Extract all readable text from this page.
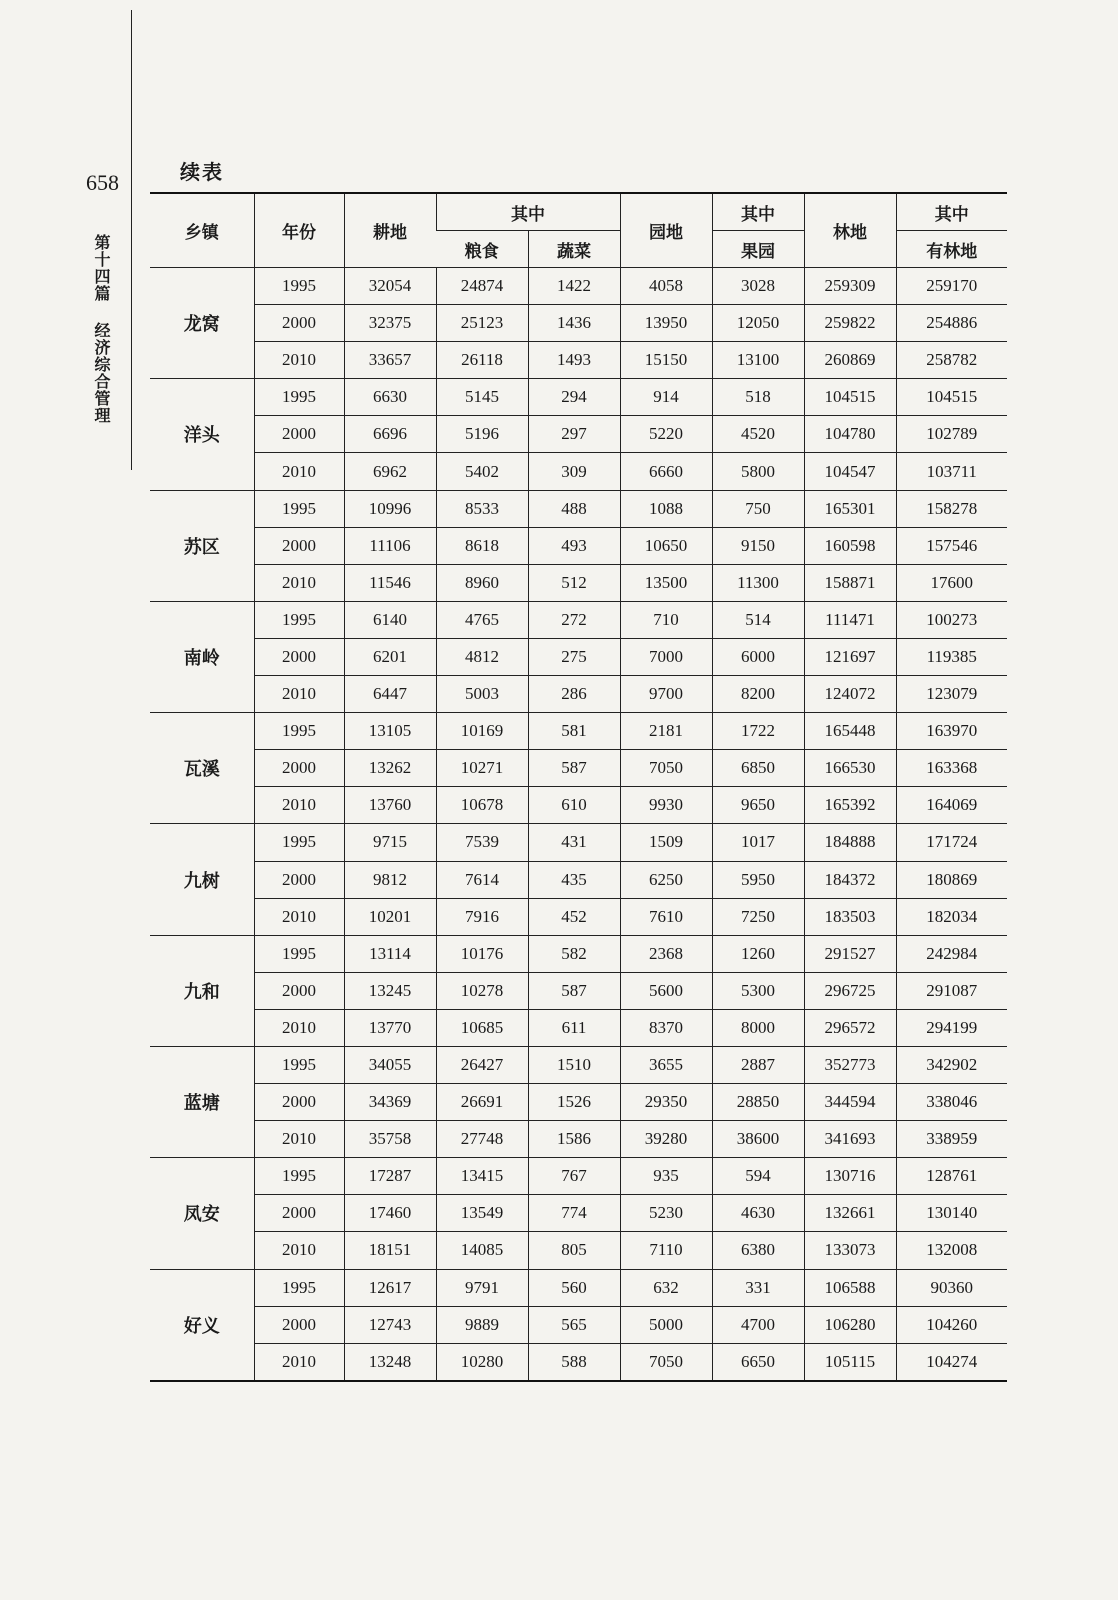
658
第十四篇 经济综合管理
续表
乡镇	年份	耕地	其中		园地	其中	林地	其中
			粮食	蔬菜		果园		有林地
龙窝	1995	32054	24874	1422	4058	3028	259309	259170
	2000	32375	25123	1436	13950	12050	259822	254886
	2010	33657	26118	1493	15150	13100	260869	258782
洋头	1995	6630	5145	294	914	518	104515	104515
	2000	6696	5196	297	5220	4520	104780	102789
	2010	6962	5402	309	6660	5800	104547	103711
苏区	1995	10996	8533	488	1088	750	165301	158278
	2000	11106	8618	493	10650	9150	160598	157546
	2010	11546	8960	512	13500	11300	158871	17600
南岭	1995	6140	4765	272	710	514	111471	100273
	2000	6201	4812	275	7000	6000	121697	119385
	2010	6447	5003	286	9700	8200	124072	123079
瓦溪	1995	13105	10169	581	2181	1722	165448	163970
	2000	13262	10271	587	7050	6850	166530	163368
	2010	13760	10678	610	9930	9650	165392	164069
九树	1995	9715	7539	431	1509	1017	184888	171724
	2000	9812	7614	435	6250	5950	184372	180869
	2010	10201	7916	452	7610	7250	183503	182034
九和	1995	13114	10176	582	2368	1260	291527	242984
	2000	13245	10278	587	5600	5300	296725	291087
	2010	13770	10685	611	8370	8000	296572	294199
蓝塘	1995	34055	26427	1510	3655	2887	352773	342902
	2000	34369	26691	1526	29350	28850	344594	338046
	2010	35758	27748	1586	39280	38600	341693	338959
凤安	1995	17287	13415	767	935	594	130716	128761
	2000	17460	13549	774	5230	4630	132661	130140
	2010	18151	14085	805	7110	6380	133073	132008
好义	1995	12617	9791	560	632	331	106588	90360
	2000	12743	9889	565	5000	4700	106280	104260
	2010	13248	10280	588	7050	6650	105115	104274
